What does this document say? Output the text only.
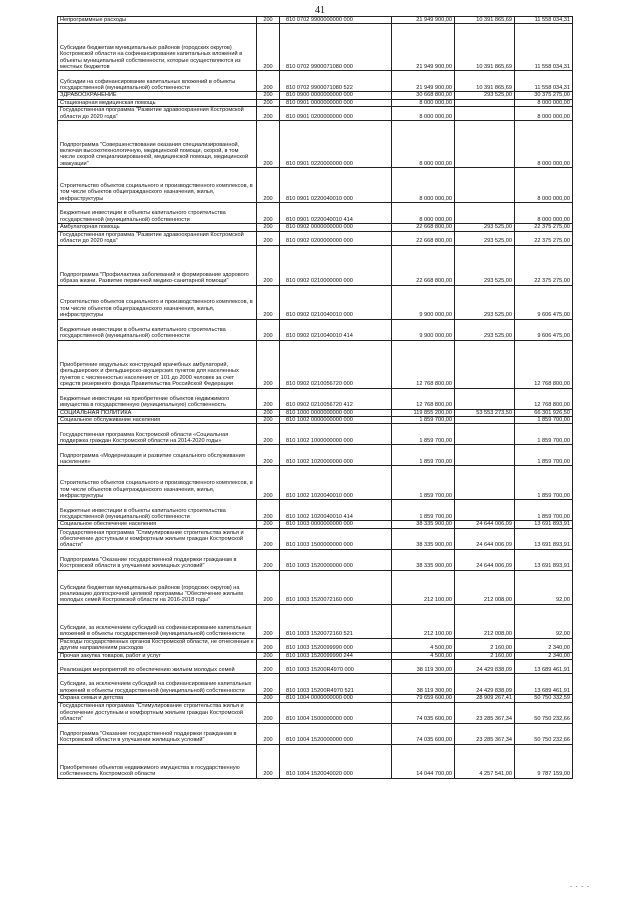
41
Непрограммные расходы	200	810 0702 9900000000 000	21 949 900,00	10 391 865,69	11 558 034,31
Субсидии бюджетам муниципальных районов (городских округов) Костромской области на софинансирование капитальных вложений в объекты муниципальной собственности, которые осуществляются из местных бюджетов	200	810 0702 9900071080 000	21 949 900,00	10 391 865,69	11 558 034,31
Субсидии на софинансирование капитальных вложений в объекты государственной (муниципальной) собственности	200	810 0702 9900071080 522	21 949 900,00	10 391 865,69	11 558 034,31
ЗДРАВООХРАНЕНИЕ	200	810 0900 0000000000 000	30 668 800,00	293 525,00	30 375 275,00
Стационарная медицинская помощь	200	810 0901 0000000000 000	8 000 000,00		8 000 000,00
Государственная программа "Развитие здравоохранения Костромской области до 2020 года"	200	810 0901 0200000000 000	8 000 000,00		8 000 000,00
Подпрограмма "Совершенствование оказания специализированной, включая высокотехнологичную, медицинской помощи, скорой, в том числе скорой специализированной, медицинской помощи, медицинской эвакуации"	200	810 0901 0220000000 000	8 000 000,00		8 000 000,00
Строительство объектов социального и производственного комплексов, в том числе объектов общегражданского назначения, жилья, инфраструктуры	200	810 0901 0220040010 000	8 000 000,00		8 000 000,00
Бюджетные инвестиции в объекты капитального строительства государственной (муниципальной) собственности	200	810 0901 0220040010 414	8 000 000,00		8 000 000,00
Амбулаторная помощь	200	810 0902 0000000000 000	22 668 800,00	293 525,00	22 375 275,00
Государственная программа "Развитие здравоохранения Костромской области до 2020 года"	200	810 0902 0200000000 000	22 668 800,00	293 525,00	22 375 275,00
Подпрограмма "Профилактика заболеваний и формирование здорового образа жизни. Развитие первичной медико-санитарной помощи"	200	810 0902 0210000000 000	22 668 800,00	293 525,00	22 375 275,00
Строительство объектов социального и производственного комплексов, в том числе объектов общегражданского назначения, жилья, инфраструктуры	200	810 0902 0210040010 000	9 900 000,00	293 525,00	9 606 475,00
Бюджетные инвестиции в объекты капитального строительства государственной (муниципальной) собственности	200	810 0902 0210040010 414	9 900 000,00	293 525,00	9 606 475,00
Приобретение модульных конструкций врачебных амбулаторий, фельдшерских и фельдшерско-акушерских пунктов для населенных пунктов с численностью населения от 101 до 2000 человек за счет средств резервного фонда Правительства Российской Федерации	200	810 0902 0210056720 000	12 768 800,00		12 768 800,00
Бюджетные инвестиции на приобретение объектов недвижимого имущества в государственную (муниципальную) собственность	200	810 0902 0210056720 412	12 768 800,00		12 768 800,00
СОЦИАЛЬНАЯ ПОЛИТИКА	200	810 1000 0000000000 000	119 855 200,00	53 553 273,50	66 301 926,50
Социальное обслуживание населения	200	810 1002 0000000000 000	1 859 700,00		1 859 700,00
Государственная программа Костромской области «Социальная поддержка граждан Костромской области на 2014-2020 годы»	200	810 1002 1000000000 000	1 859 700,00		1 859 700,00
Подпрограмма «Модернизация и развитие социального обслуживания населения»	200	810 1002 1020000000 000	1 859 700,00		1 859 700,00
Строительство объектов социального и производственного комплексов, в том числе объектов общегражданского назначения, жилья, инфраструктуры	200	810 1002 1020040010 000	1 859 700,00		1 859 700,00
Бюджетные инвестиции в объекты капитального строительства государственной (муниципальной) собственности	200	810 1002 1020040010 414	1 859 700,00		1 859 700,00
Социальное обеспечение населения	200	810 1003 0000000000 000	38 335 900,00	24 644 006,09	13 691 893,91
Государственная программа "Стимулирование строительства жилья и обеспечение доступным и комфортным жильем граждан Костромской области"	200	810 1003 1500000000 000	38 335 900,00	24 644 006,09	13 691 893,91
Подпрограмма "Оказание государственной поддержки гражданам в Костромской области в улучшении жилищных условий"	200	810 1003 1520000000 000	38 335 900,00	24 644 006,09	13 691 893,91
Субсидии бюджетам муниципальных районов (городских округов) на реализацию долгосрочной целевой программы "Обеспечение жильем молодых семей Костромской области на 2016-2018 годы"	200	810 1003 1520072160 000	212 100,00	212 008,00	92,00
Субсидии, за исключением субсидий на софинансирование капитальных вложений в объекты государственной (муниципальной) собственности	200	810 1003 1520072160 521	212 100,00	212 008,00	92,00
Расходы государственных органов Костромской области, не отнесенные к другим направлениям расходов	200	810 1003 1520099990 000	4 500,00	2 160,00	2 340,00
Прочая закупка товаров, работ и услуг	200	810 1003 1520099990 244	4 500,00	2 160,00	2 340,00
Реализация мероприятий по обеспечению жильем молодых семей	200	810 1003 15200R4970 000	38 119 300,00	24 429 838,09	13 689 461,91
Субсидии, за исключением субсидий на софинансирование капитальных вложений в объекты государственной (муниципальной) собственности	200	810 1003 15200R4970 521	38 119 300,00	24 429 838,09	13 689 461,91
Охрана семьи и детства	200	810 1004 0000000000 000	79 659 600,00	28 909 267,41	50 750 332,59
Государственная программа "Стимулирование строительства жилья и обеспечение доступным и комфортным жильем граждан Костромской области"	200	810 1004 1500000000 000	74 035 600,00	23 285 367,34	50 750 232,66
Подпрограмма "Оказание государственной поддержки гражданам в Костромской области в улучшении жилищных условий"	200	810 1004 1520000000 000	74 035 600,00	23 285 367,34	50 750 232,66
Приобретение объектов недвижимого имущества в государственную собственность Костромской области	200	810 1004 1520040020 000	14 044 700,00	4 257 541,00	9 787 159,00
- - - -
